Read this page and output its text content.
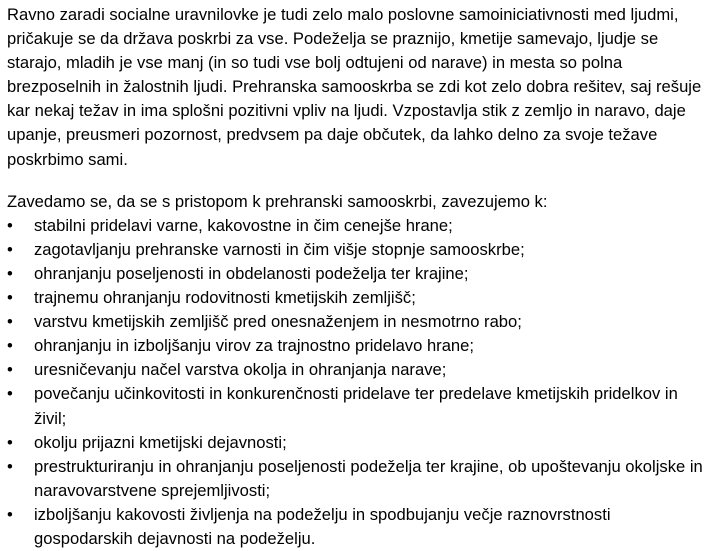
Ravno zaradi socialne uravnilovke je tudi zelo malo poslovne samoiniciativnosti med ljudmi, pričakuje se da država poskrbi za vse. Podeželja se praznijo, kmetije samevajo, ljudje se starajo, mladih je vse manj (in so tudi vse bolj odtujeni od narave) in mesta so polna brezposelnih in žalostnih ljudi. Prehranska samooskrba se zdi kot zelo dobra rešitev, saj rešuje kar nekaj težav in ima splošni pozitivni vpliv na ljudi. Vzpostavlja stik z zemljo in naravo, daje upanje, preusmeri pozornost, predvsem pa daje občutek, da lahko delno za svoje težave poskrbimo sami.

Zavedamo se, da se s pristopom k prehranski samooskrbi, zavezujemo k:

• stabilni pridelavi varne, kakovostne in čim cenejše hrane;
• zagotavljanju prehranske varnosti in čim višje stopnje samooskrbe;
• ohranjanju poseljenosti in obdelanosti podeželja ter krajine;
• trajnemu ohranjanju rodovitnosti kmetijskih zemljišč;
• varstvu kmetijskih zemljišč pred onesnaženjem in nesmotrno rabo;
• ohranjanju in izboljšanju virov za trajnostno pridelavo hrane;
• uresničevanju načel varstva okolja in ohranjanja narave;
• povečanju učinkovitosti in konkurenčnosti pridelave ter predelave kmetijskih pridelkov in živil;
• okolju prijazni kmetijski dejavnosti;
• prestrukturiranju in ohranjanju poseljenosti podeželja ter krajine, ob upoštevanju okoljske in naravovarstvene sprejemljivosti;
• izboljšanju kakovosti življenja na podeželju in spodbujanju večje raznovrstnosti gospodarskih dejavnosti na podeželju.
